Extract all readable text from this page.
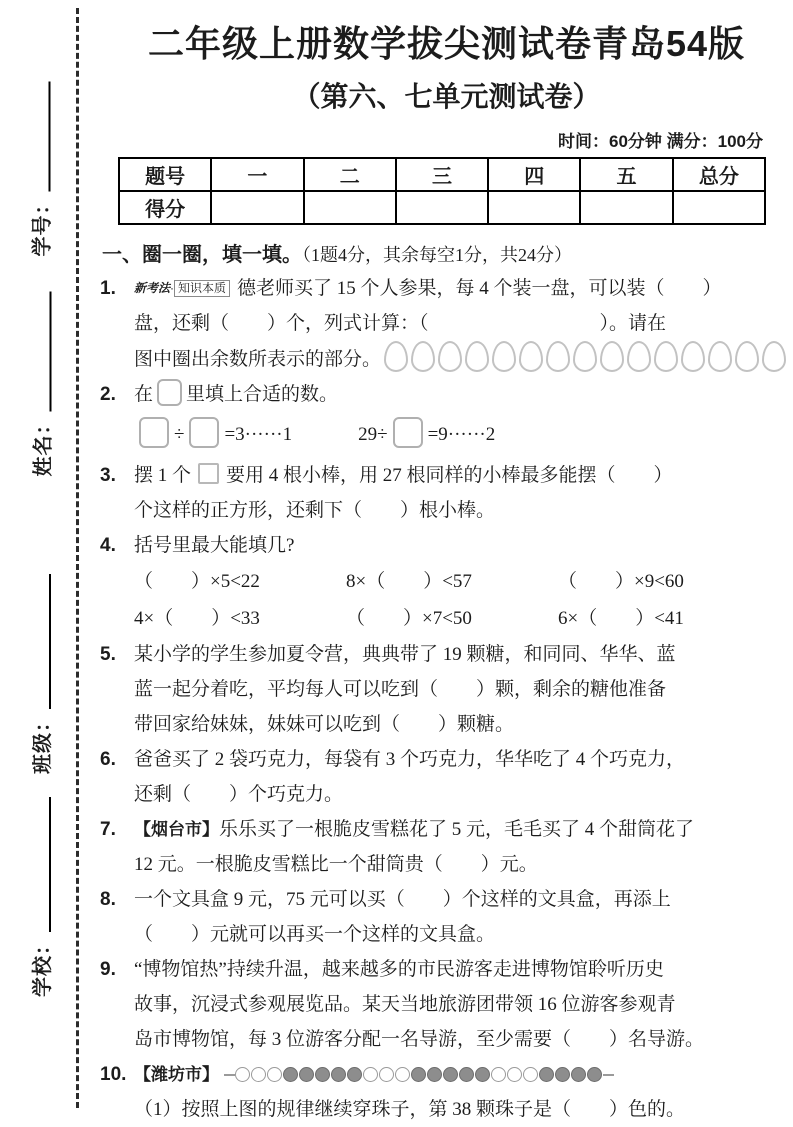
学号：
姓名：
班级：
学校：
二年级上册数学拔尖测试卷青岛54版
（第六、七单元测试卷）
时间：60分钟 满分：100分
题号	一	二	三	四	五	总分
得分						
一、圈一圈，填一填。（1题4分，其余每空1分，共24分）
1. 新考法· 知识本质 德老师买了 15 个人参果，每 4 个装一盘，可以装（　　）
盘，还剩（　　）个，列式计算：（　　　　　　　　　）。请在
图中圈出余数所表示的部分。
2. 在 里填上合适的数。
÷ =3······1	29÷ =9······2
3. 摆 1 个 要用 4 根小棒，用 27 根同样的小棒最多能摆（　　）
个这样的正方形，还剩下（　　）根小棒。
4. 括号里最大能填几?
（　　）×5<22	8×（　　）<57	（　　）×9<60
4×（　　）<33	（　　）×7<50	6×（　　）<41
5. 某小学的学生参加夏令营，典典带了 19 颗糖，和同同、华华、蓝
蓝一起分着吃，平均每人可以吃到（　　）颗，剩余的糖他准备
带回家给妹妹，妹妹可以吃到（　　）颗糖。
6. 爸爸买了 2 袋巧克力，每袋有 3 个巧克力，华华吃了 4 个巧克力，
还剩（　　）个巧克力。
7. 【烟台市】乐乐买了一根脆皮雪糕花了 5 元，毛毛买了 4 个甜筒花了
12 元。一根脆皮雪糕比一个甜筒贵（　　）元。
8. 一个文具盒 9 元，75 元可以买（　　）个这样的文具盒，再添上
（　　）元就可以再买一个这样的文具盒。
9. “博物馆热”持续升温，越来越多的市民游客走进博物馆聆听历史
故事，沉浸式参观展览品。某天当地旅游团带领 16 位游客参观青
岛市博物馆，每 3 位游客分配一名导游，至少需要（　　）名导游。
10. 【潍坊市】
（1）按照上图的规律继续穿珠子，第 38 颗珠子是（　　）色的。
